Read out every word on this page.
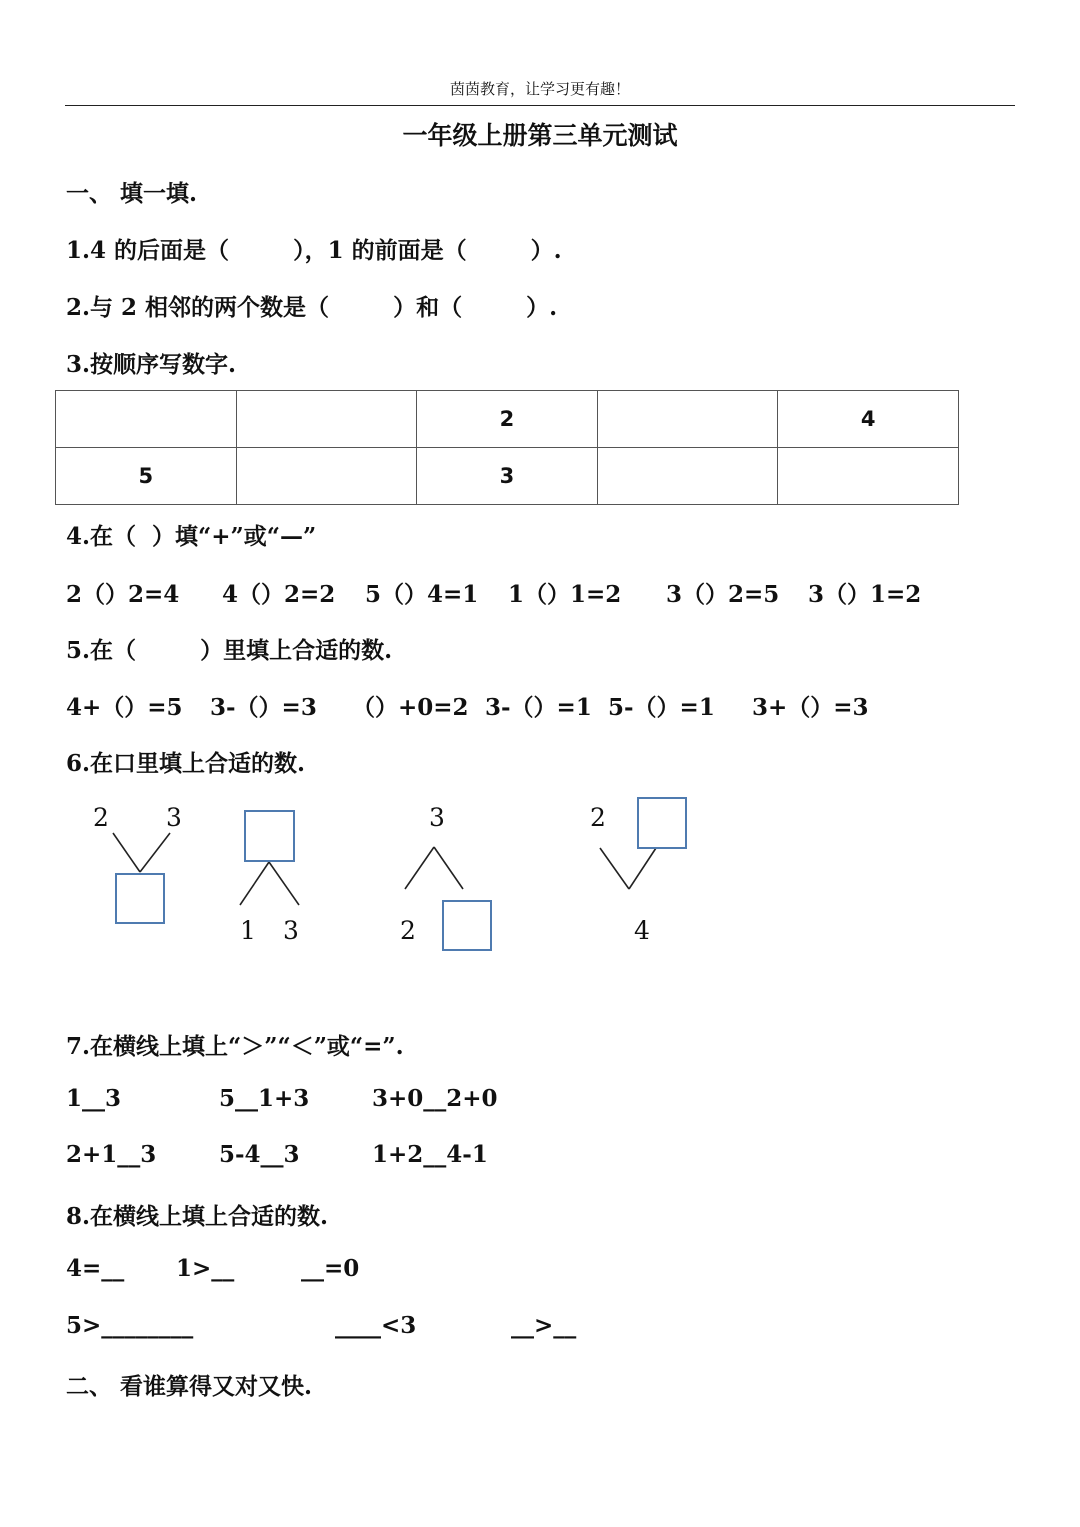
茵茵教育，让学习更有趣！
一年级上册第三单元测试
一、 填一填.
1.4 的后面是（        ），1 的前面是（        ）.
2.与 2 相邻的两个数是（        ）和（        ）.
3.按顺序写数字.
		2		4
5		3		
4.在（  ）填“+”或“—”
2（）2=4 4（）2=2 5（）4=1 1（）1=2 3（）2=5 3（）1=2
5.在（        ）里填上合适的数.
4+（）=5 3-（）=3 （）+0=2 3-（）=1 5-（）=1 3+（）=3
6.在口里填上合适的数.
2 3
1 3
3
2
2
4
7.在横线上填上“＞”“＜”或“=”.
1__3	5__1+3	3+0__2+0
2+1__3	5-4__3	1+2__4-1
8.在横线上填上合适的数.
4=__ 1>__	__=0
5>________	____<3	__>__
二、 看谁算得又对又快.
